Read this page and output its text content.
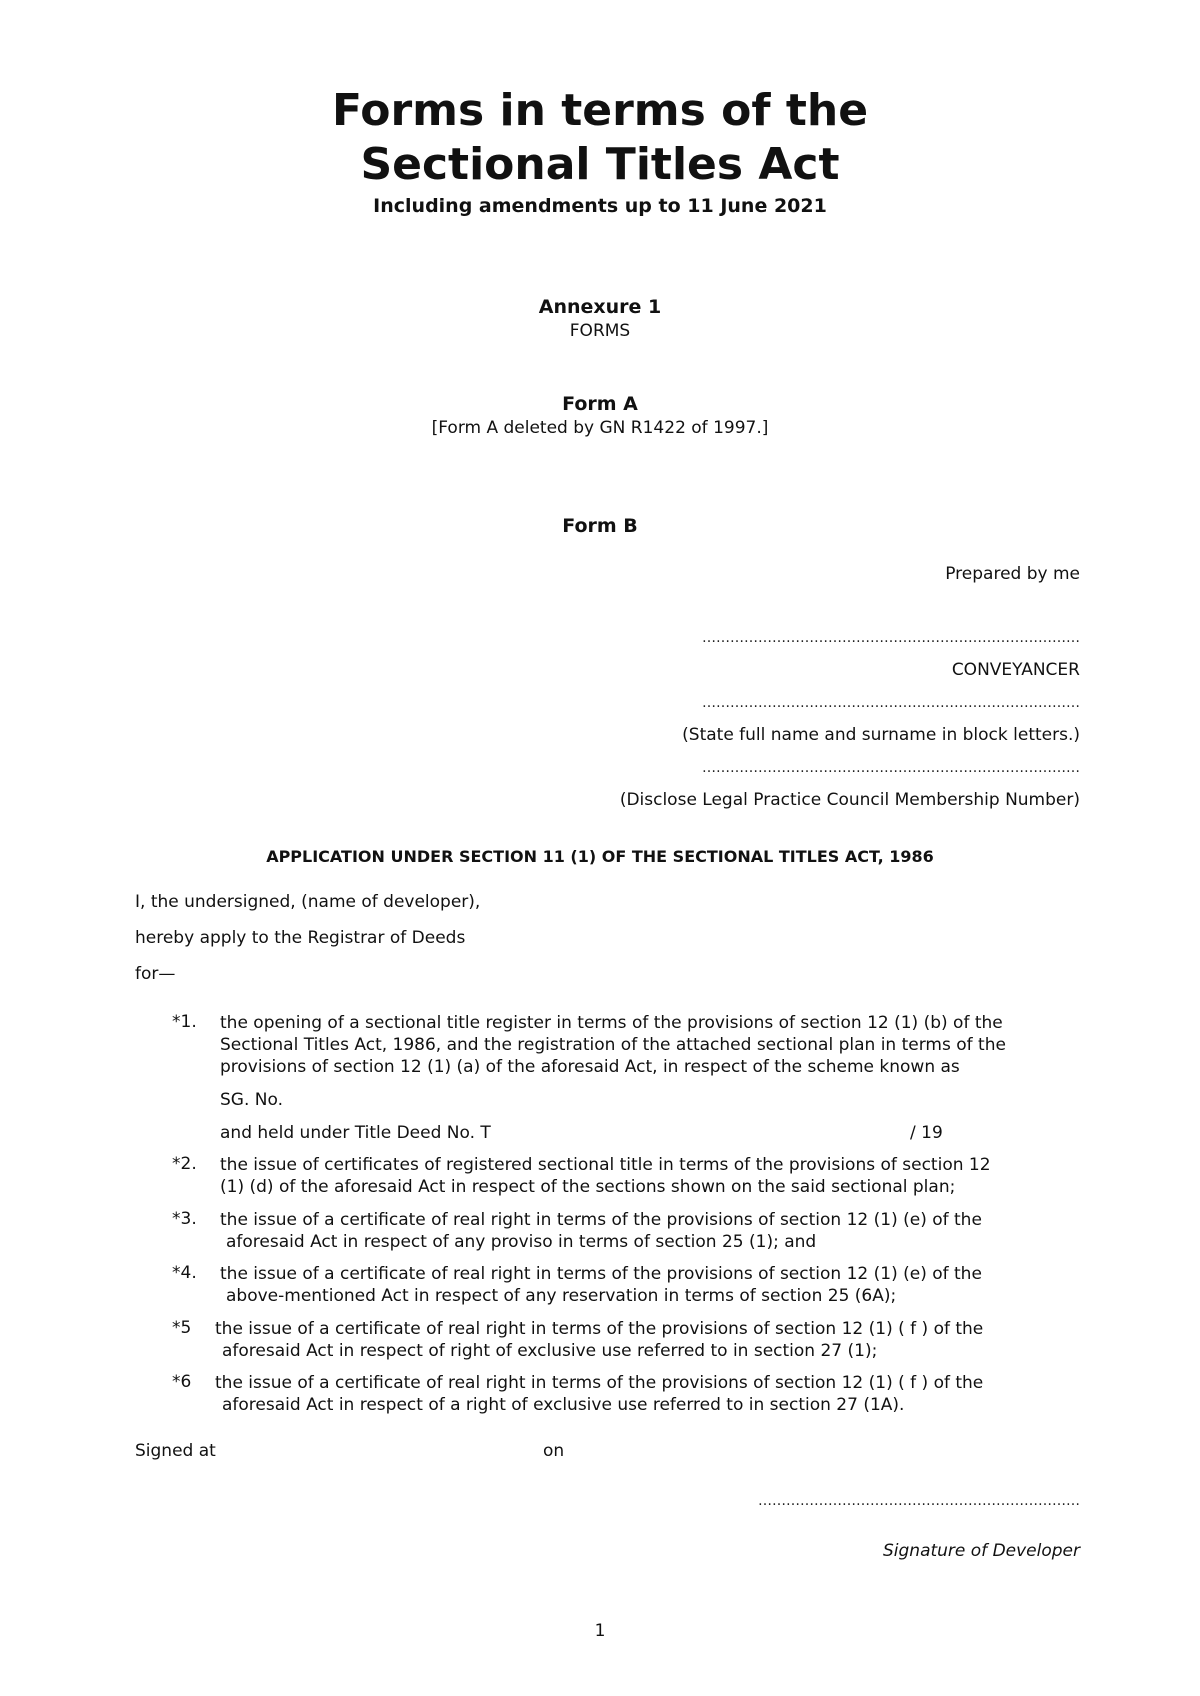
Forms in terms of the
Sectional Titles Act
Including amendments up to 11 June 2021
Annexure 1
FORMS
Form A
[Form A deleted by GN R1422 of 1997.]
Form B
Prepared by me
………………………………………………………………………
CONVEYANCER
………………………………………………………………………
(State full name and surname in block letters.)
………………………………………………………………………
(Disclose Legal Practice Council Membership Number)
APPLICATION UNDER SECTION 11 (1) OF THE SECTIONAL TITLES ACT, 1986
I, the undersigned, (name of developer),
hereby apply to the Registrar of Deeds
for—
*1. the opening of a sectional title register in terms of the provisions of section 12 (1) (b) of the
Sectional Titles Act, 1986, and the registration of the attached sectional plan in terms of the
provisions of section 12 (1) (a) of the aforesaid Act, in respect of the scheme known as
SG. No.
and held under Title Deed No. T	/ 19
*2. the issue of certificates of registered sectional title in terms of the provisions of section 12
(1) (d) of the aforesaid Act in respect of the sections shown on the said sectional plan;
*3. the issue of a certificate of real right in terms of the provisions of section 12 (1) (e) of the
aforesaid Act in respect of any proviso in terms of section 25 (1); and
*4. the issue of a certificate of real right in terms of the provisions of section 12 (1) (e) of the
above-mentioned Act in respect of any reservation in terms of section 25 (6A);
*5 the issue of a certificate of real right in terms of the provisions of section 12 (1) ( f ) of the
aforesaid Act in respect of right of exclusive use referred to in section 27 (1);
*6 the issue of a certificate of real right in terms of the provisions of section 12 (1) ( f ) of the
aforesaid Act in respect of a right of exclusive use referred to in section 27 (1A).
Signed at	on
……………………………………………………………
Signature of Developer
1
